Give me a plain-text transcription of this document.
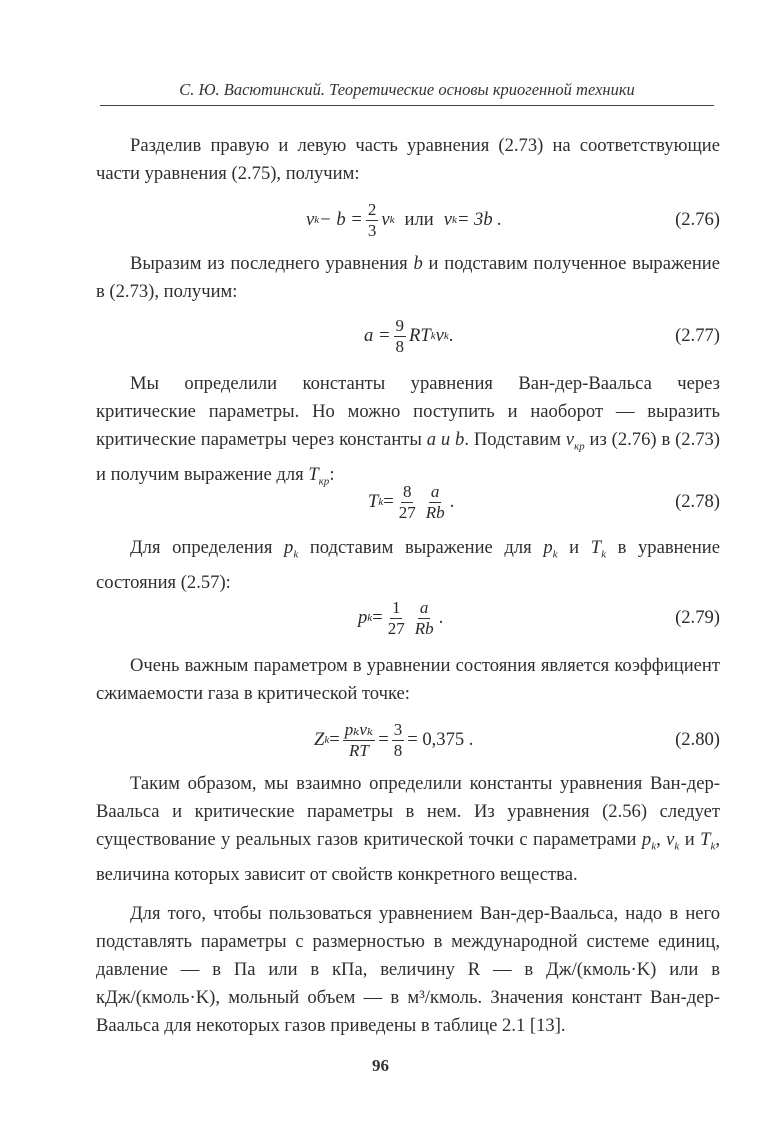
С. Ю. Васютинский. Теоретические основы криогенной техники

Разделив правую и левую часть уравнения (2.73) на соответствующие части уравнения (2.75), получим:

v $k - b = \frac{2}{3}$ v k или v k = 3b .	(2.76)

Выразим из последнего уравнения b и подставим полученное выражение в (2.73), получим:

$a = \frac{9}{8}$ RT k v k .	(2.77)

Мы определили константы уравнения Ван-дер-Ваальса через критические параметры. Но можно поступить и наоборот — выразить критические параметры через константы a и b. Подставим $v_{кр}$ из (2.76) в (2.73) и получим выражение для $T_{кр}$:

T $k = \frac{8}{27} \frac{a}{Rb}$ .	(2.78)

Для определения $p_k$ подставим выражение для $p_k$ и $T_k$ в уравнение состояния (2.57):

p $k = \frac{1}{27} \frac{a}{Rb}$ .	(2.79)

Очень важным параметром в уравнении состояния является коэффициент сжимаемости газа в критической точке:

Z $k = \frac{\text{pₖvₖ}}{RT} = \frac{3}{8} = 0,375$ .	(2.80)

Таким образом, мы взаимно определили константы уравнения Ван-дер-Ваальса и критические параметры в нем. Из уравнения (2.56) следует существование у реальных газов критической точки с параметрами $p_k$, $v_k$ и $T_k$, величина которых зависит от свойств конкретного вещества.

Для того, чтобы пользоваться уравнением Ван-дер-Ваальса, надо в него подставлять параметры с размерностью в международной системе единиц, давление — в Па или в кПа, величину R — в Дж/(кмоль·K) или в кДж/(кмоль·K), мольный объем — в м³/кмоль. Значения констант Ван-дер-Ваальса для некоторых газов приведены в таблице 2.1 [13].

96
